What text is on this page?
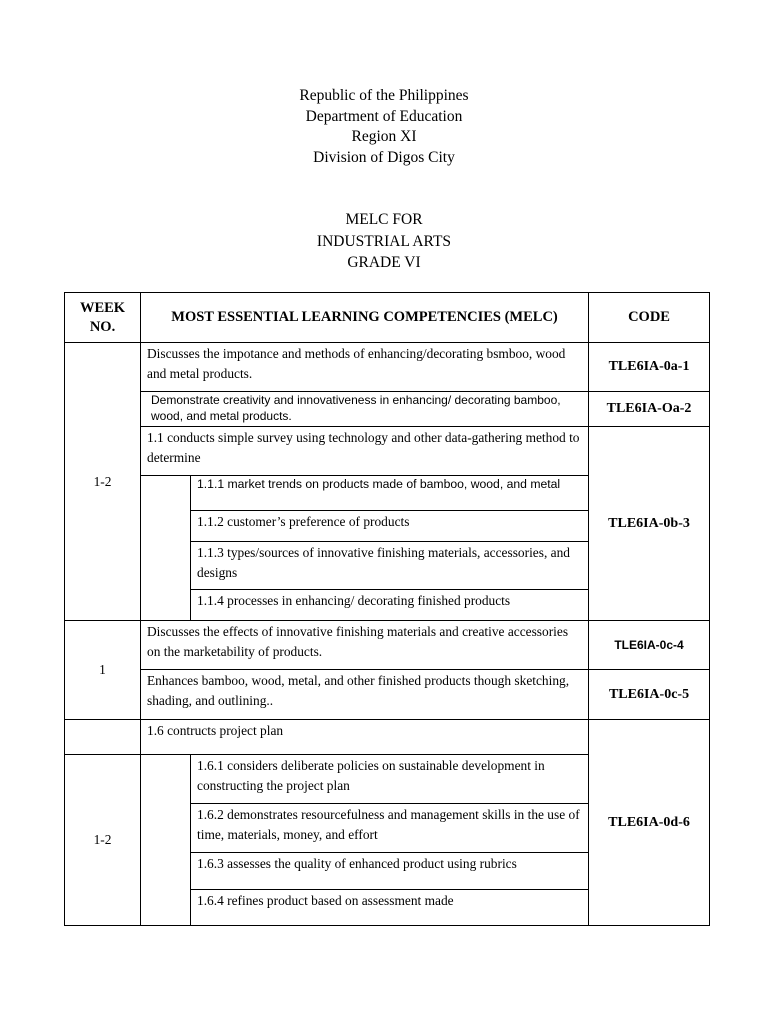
Republic of the Philippines
Department of Education
Region XI
Division of Digos City
MELC FOR
INDUSTRIAL ARTS
GRADE VI
WEEK NO.	MOST ESSENTIAL LEARNING COMPETENCIES (MELC)		CODE
1-2	Discusses the impotance and methods of enhancing/decorating bsmboo, wood and metal products.		TLE6IA-0a-1

	Demonstrate creativity and innovativeness in enhancing/ decorating bamboo, wood, and metal products.		TLE6IA-Oa-2

	1.1 conducts simple survey using technology and other data-gathering method to determine		TLE6IA-0b-3

		1.1.1 market trends on products made of bamboo, wood, and metal	

		1.1.2 customer’s preference of products	

		1.1.3 types/sources of innovative finishing materials, accessories, and designs	

		1.1.4 processes in enhancing/ decorating finished products	

1	Discusses the effects of innovative finishing materials and creative accessories on the marketability of products.		TLE6IA-0c-4

	Enhances bamboo, wood, metal, and other finished products though sketching, shading, and outlining..		TLE6IA-0c-5

	1.6 contructs project plan		TLE6IA-0d-6
1-2		1.6.1 considers deliberate policies on sustainable development in constructing the project plan	

		1.6.2 demonstrates resourcefulness and management skills in the use of time, materials, money, and effort	

		1.6.3 assesses the quality of enhanced product using rubrics	

		1.6.4 refines product based on assessment made	
